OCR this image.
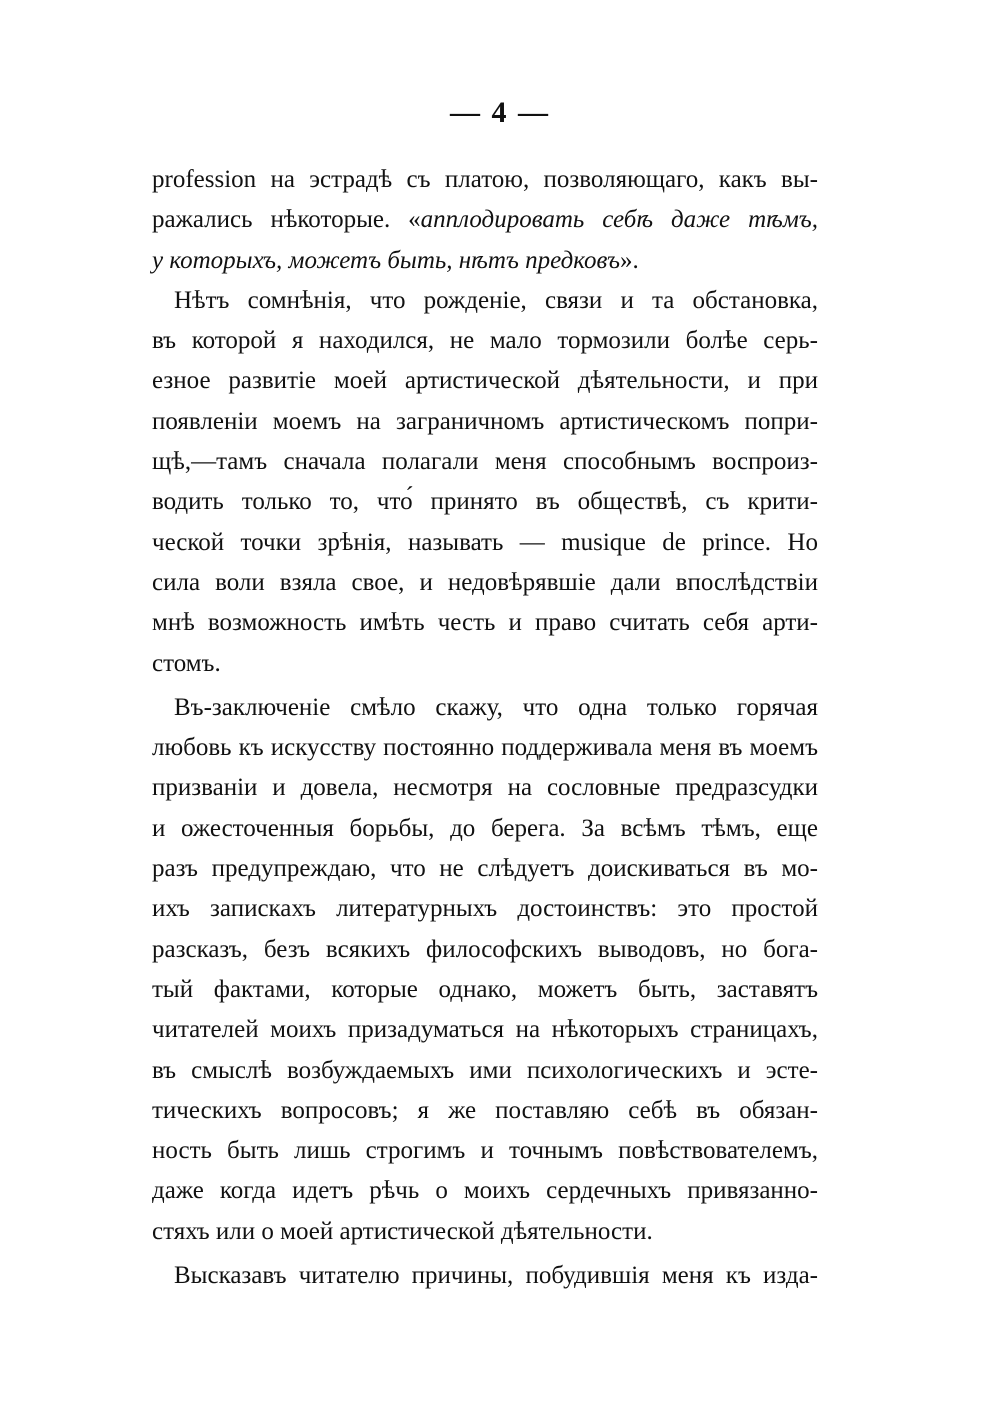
— 4 —
profession на эстрадѣ съ платою, позволяющаго, какъ вы-
ражались нѣкоторые. «апплодировать себѣ даже тѣмъ,
у которыхъ, можетъ быть, нѣтъ предковъ».
Нѣтъ сомнѣнія, что рожденіе, связи и та обстановка,
въ которой я находился, не мало тормозили болѣе серь-
езное развитіе моей артистической дѣятельности, и при
появленіи моемъ на заграничномъ артистическомъ попри-
щѣ,—тамъ сначала полагали меня способнымъ воспроиз-
водить только то, что́ принято въ обществѣ, съ крити-
ческой точки зрѣнія, называть — musique de prince. Но
сила воли взяла свое, и недовѣрявшіе дали впослѣдствіи
мнѣ возможность имѣть честь и право считать себя арти-
стомъ.
Въ-заключеніе смѣло скажу, что одна только горячая
любовь къ искусству постоянно поддерживала меня въ моемъ
призваніи и довела, несмотря на сословные предразсудки
и ожесточенныя борьбы, до берега. За всѣмъ тѣмъ, еще
разъ предупреждаю, что не слѣдуетъ доискиваться въ мо-
ихъ запискахъ литературныхъ достоинствъ: это простой
разсказъ, безъ всякихъ философскихъ выводовъ, но бога-
тый фактами, которые однако, можетъ быть, заставятъ
читателей моихъ призадуматься на нѣкоторыхъ страницахъ,
въ смыслѣ возбуждаемыхъ ими психологическихъ и эсте-
тическихъ вопросовъ; я же поставляю себѣ въ обязан-
ность быть лишь строгимъ и точнымъ повѣствователемъ,
даже когда идетъ рѣчь о моихъ сердечныхъ привязанно-
стяхъ или о моей артистической дѣятельности.
Высказавъ читателю причины, побудившія меня къ изда-
